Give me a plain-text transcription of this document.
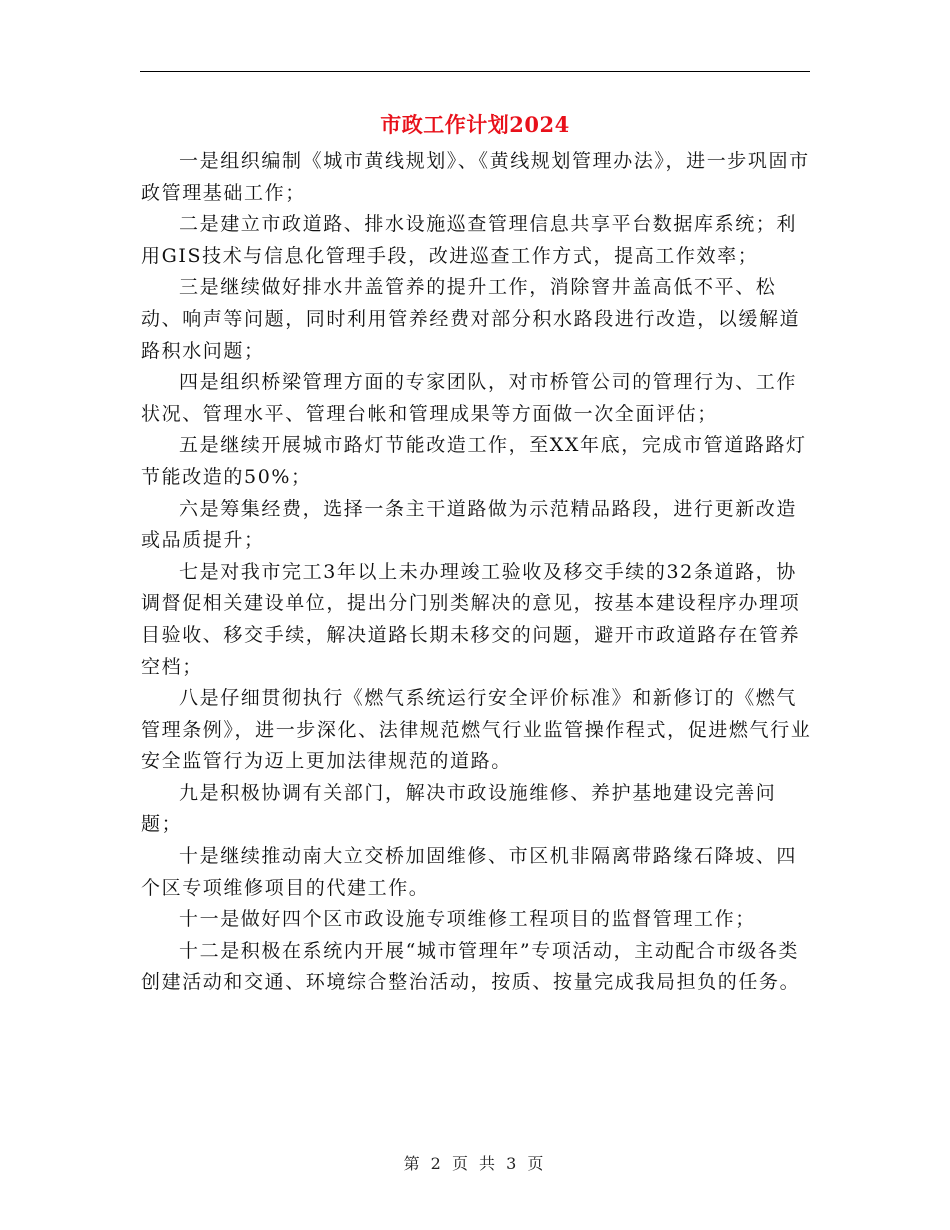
市政工作计划2024

一是组织编制《城市黄线规划》、《黄线规划管理办法》，进一步巩固市政管理基础工作；

二是建立市政道路、排水设施巡查管理信息共享平台数据库系统；利用GIS技术与信息化管理手段，改进巡查工作方式，提高工作效率；

三是继续做好排水井盖管养的提升工作，消除窨井盖高低不平、松动、响声等问题，同时利用管养经费对部分积水路段进行改造，以缓解道路积水问题；

四是组织桥梁管理方面的专家团队，对市桥管公司的管理行为、工作状况、管理水平、管理台帐和管理成果等方面做一次全面评估；

五是继续开展城市路灯节能改造工作，至XX年底，完成市管道路路灯节能改造的50%；

六是筹集经费，选择一条主干道路做为示范精品路段，进行更新改造或品质提升；

七是对我市完工3年以上未办理竣工验收及移交手续的32条道路，协调督促相关建设单位，提出分门别类解决的意见，按基本建设程序办理项目验收、移交手续，解决道路长期未移交的问题，避开市政道路存在管养空档；

八是仔细贯彻执行《燃气系统运行安全评价标准》和新修订的《燃气管理条例》，进一步深化、法律规范燃气行业监管操作程式，促进燃气行业安全监管行为迈上更加法律规范的道路。

九是积极协调有关部门，解决市政设施维修、养护基地建设完善问题；

十是继续推动南大立交桥加固维修、市区机非隔离带路缘石降坡、四个区专项维修项目的代建工作。

十一是做好四个区市政设施专项维修工程项目的监督管理工作；

十二是积极在系统内开展“城市管理年”专项活动，主动配合市级各类创建活动和交通、环境综合整治活动，按质、按量完成我局担负的任务。

第 2 页 共 3 页
